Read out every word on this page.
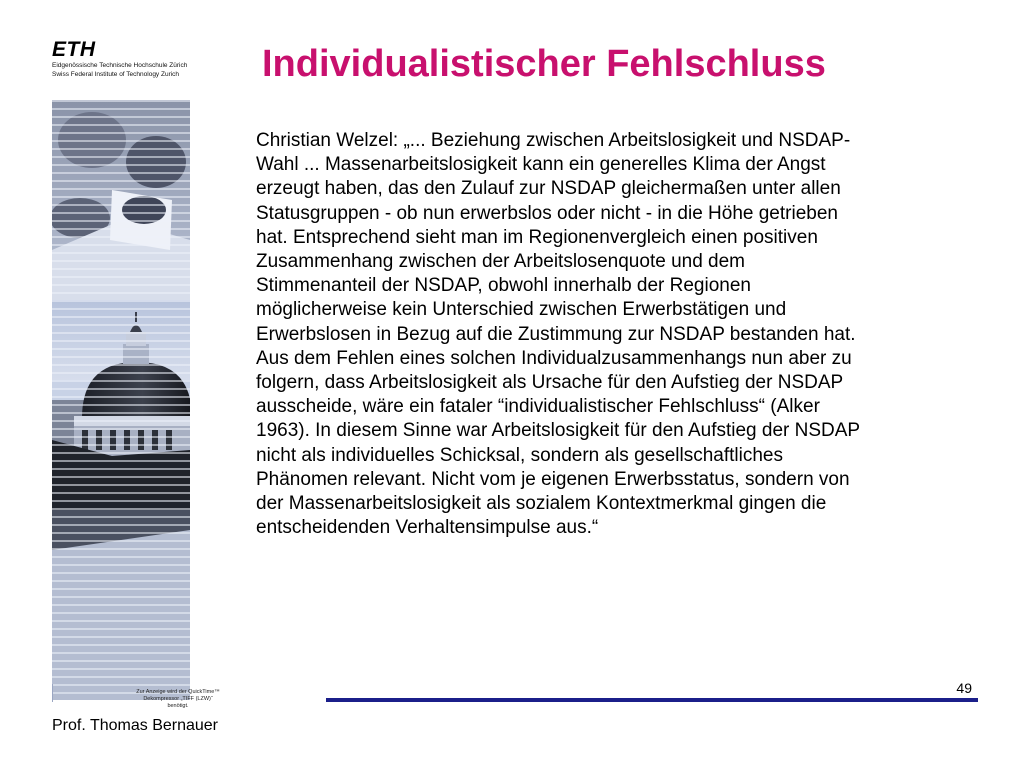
ETH
Eidgenössische Technische Hochschule Zürich
Swiss Federal Institute of Technology Zurich	Individualistischer Fehlschluss
Christian Welzel: „... Beziehung zwischen Arbeitslosigkeit und NSDAP-
Wahl ... Massenarbeitslosigkeit kann ein generelles Klima der Angst
erzeugt haben, das den Zulauf zur NSDAP gleichermaßen unter allen
Statusgruppen - ob nun erwerbslos oder nicht - in die Höhe getrieben
hat. Entsprechend sieht man im Regionenvergleich einen positiven
Zusammenhang zwischen der Arbeitslosenquote und dem
Stimmenanteil der NSDAP, obwohl innerhalb der Regionen
möglicherweise kein Unterschied zwischen Erwerbstätigen und
Erwerbslosen in Bezug auf die Zustimmung zur NSDAP bestanden hat.
Aus dem Fehlen eines solchen Individualzusammenhangs nun aber zu
folgern, dass Arbeitslosigkeit als Ursache für den Aufstieg der NSDAP
ausscheide, wäre ein fataler “individualistischer Fehlschluss“ (Alker
1963). In diesem Sinne war Arbeitslosigkeit für den Aufstieg der NSDAP
nicht als individuelles Schicksal, sondern als gesellschaftliches
Phänomen relevant. Nicht vom je eigenen Erwerbsstatus, sondern von
der Massenarbeitslosigkeit als sozialem Kontextmerkmal gingen die
entscheidenden Verhaltensimpulse aus.“
Zur Anzeige wird der QuickTime™
Dekompressor „TIFF (LZW)“
benötigt.
49
Prof. Thomas Bernauer
